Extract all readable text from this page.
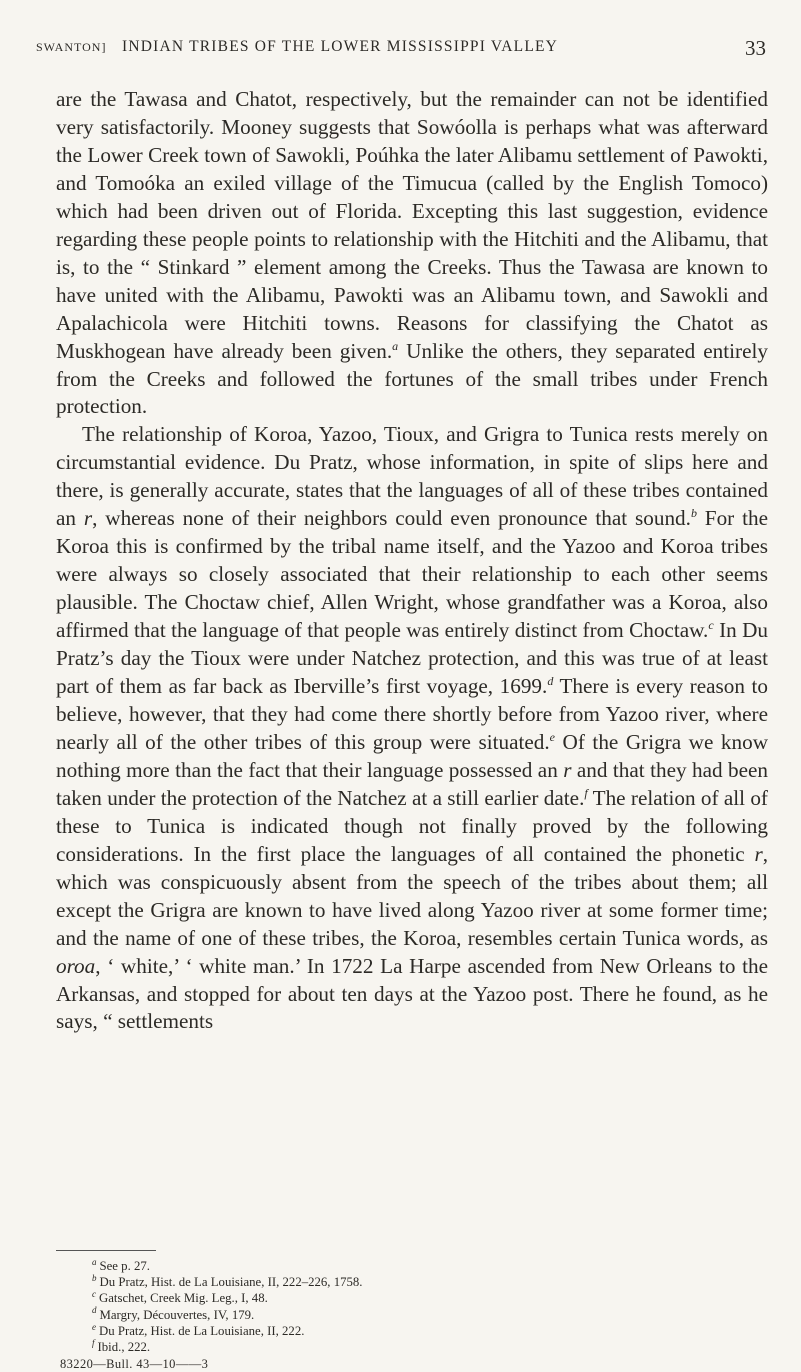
SWANTON] INDIAN TRIBES OF THE LOWER MISSISSIPPI VALLEY	33

are the Tawasa and Chatot, respectively, but the remainder can not be identified very satisfactorily. Mooney suggests that Sowóolla is perhaps what was afterward the Lower Creek town of Sawokli, Poúhka the later Alibamu settlement of Pawokti, and Tomoóka an exiled village of the Timucua (called by the English Tomoco) which had been driven out of Florida. Excepting this last suggestion, evidence regarding these people points to relationship with the Hitchiti and the Alibamu, that is, to the “ Stinkard ” element among the Creeks. Thus the Tawasa are known to have united with the Alibamu, Pawokti was an Alibamu town, and Sawokli and Apalachicola were Hitchiti towns. Reasons for classifying the Chatot as Muskhogean have already been given.$^a$ Unlike the others, they separated entirely from the Creeks and followed the fortunes of the small tribes under French protection.

The relationship of Koroa, Yazoo, Tioux, and Grigra to Tunica rests merely on circumstantial evidence. Du Pratz, whose information, in spite of slips here and there, is generally accurate, states that the languages of all of these tribes contained an r, whereas none of their neighbors could even pronounce that sound.$^b$ For the Koroa this is confirmed by the tribal name itself, and the Yazoo and Koroa tribes were always so closely associated that their relationship to each other seems plausible. The Choctaw chief, Allen Wright, whose grandfather was a Koroa, also affirmed that the language of that people was entirely distinct from Choctaw.$^c$ In Du Pratz’s day the Tioux were under Natchez protection, and this was true of at least part of them as far back as Iberville’s first voyage, 1699.$^d$ There is every reason to believe, however, that they had come there shortly before from Yazoo river, where nearly all of the other tribes of this group were situated.$^e$ Of the Grigra we know nothing more than the fact that their language possessed an r and that they had been taken under the protection of the Natchez at a still earlier date.$^f$ The relation of all of these to Tunica is indicated though not finally proved by the following considerations. In the first place the languages of all contained the phonetic r, which was conspicuously absent from the speech of the tribes about them; all except the Grigra are known to have lived along Yazoo river at some former time; and the name of one of these tribes, the Koroa, resembles certain Tunica words, as oroa, ‘ white,’ ‘ white man.’ In 1722 La Harpe ascended from New Orleans to the Arkansas, and stopped for about ten days at the Yazoo post. There he found, as he says, “ settlements

$^a$ See p. 27.
$^b$ Du Pratz, Hist. de La Louisiane, II, 222–226, 1758.
$^c$ Gatschet, Creek Mig. Leg., I, 48.
$^d$ Margry, Découvertes, IV, 179.
$^e$ Du Pratz, Hist. de La Louisiane, II, 222.
$^f$ Ibid., 222.
83220—Bull. 43—10——3
